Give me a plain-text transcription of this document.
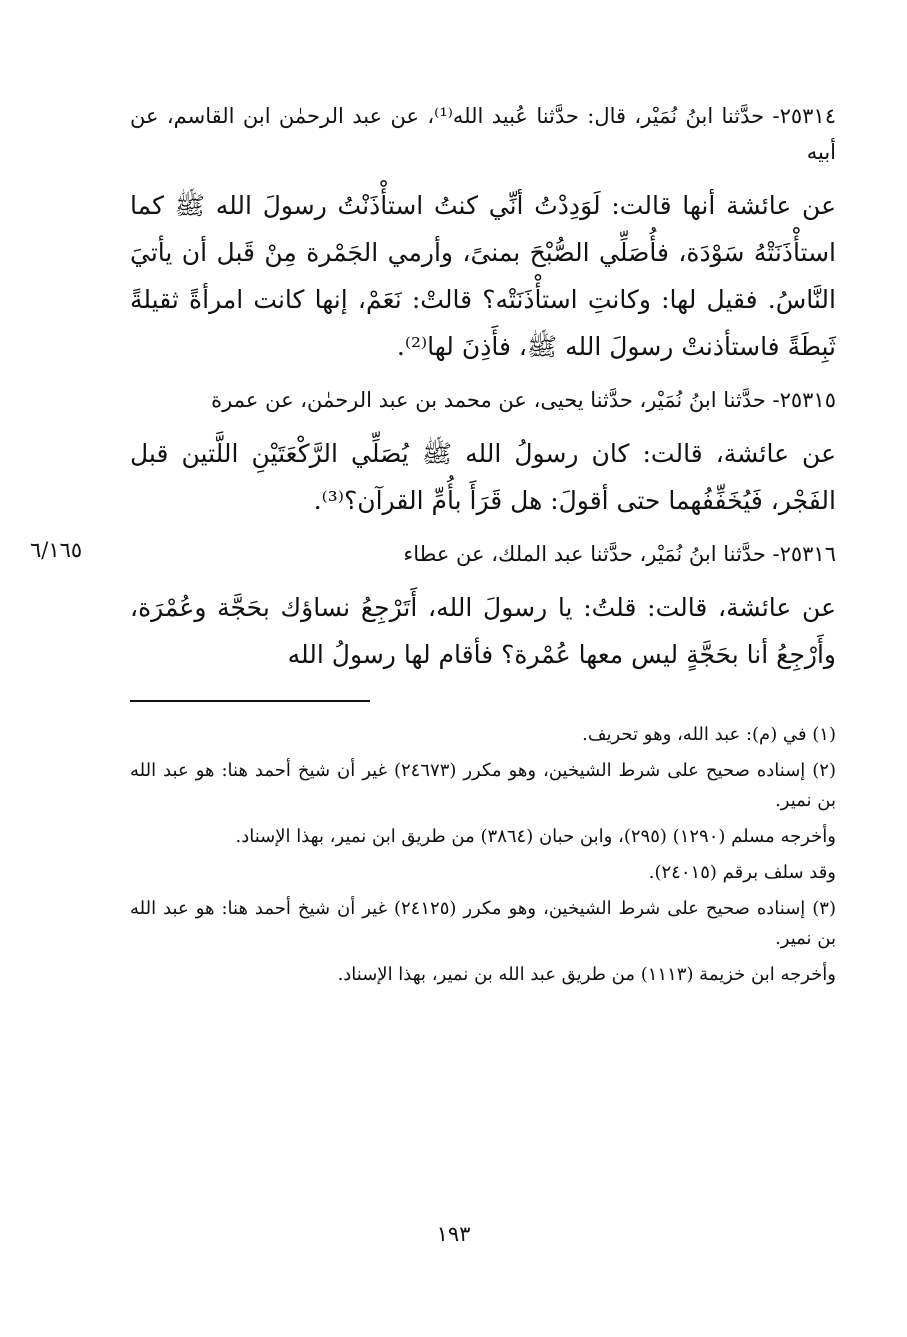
٢٥٣١٤- حدَّثنا ابنُ نُمَيْر، قال: حدَّثنا عُبيد الله⁽¹⁾، عن عبد الرحمٰن ابن القاسم، عن أبيه

عن عائشة أنها قالت: لَوَدِدْتُ أنِّي كنتُ استأْذَنْتُ رسولَ الله ﷺ كما استأْذَنَتْهُ سَوْدَة، فأُصَلِّي الصُّبْحَ بمنىً، وأرمي الجَمْرة مِنْ قَبل أن يأتيَ النَّاسُ. فقيل لها: وكانتِ استأْذَنَتْه؟ قالتْ: نَعَمْ، إنها كانت امرأةً ثقيلةً ثَبِطَةً فاستأذنتْ رسولَ الله ﷺ، فأَذِنَ لها⁽²⁾.

٢٥٣١٥- حدَّثنا ابنُ نُمَيْر، حدَّثنا يحيى، عن محمد بن عبد الرحمٰن، عن عمرة

عن عائشة، قالت: كان رسولُ الله ﷺ يُصَلِّي الرَّكْعَتَيْنِ اللَّتين قبل الفَجْر، فَيُخَفِّفُهما حتى أقولَ: هل قَرَأَ بأُمِّ القرآن؟⁽³⁾.

٢٥٣١٦- حدَّثنا ابنُ نُمَيْر، حدَّثنا عبد الملك، عن عطاء

عن عائشة، قالت: قلتُ: يا رسولَ الله، أَتَرْجِعُ نساؤك بحَجَّة وعُمْرَة، وأَرْجِعُ أنا بحَجَّةٍ ليس معها عُمْرة؟ فأقام لها رسولُ الله

(١) في (م): عبد الله، وهو تحريف.

(٢) إسناده صحيح على شرط الشيخين، وهو مكرر (٢٤٦٧٣) غير أن شيخ أحمد هنا: هو عبد الله بن نمير.

وأخرجه مسلم (١٢٩٠) (٢٩٥)، وابن حبان (٣٨٦٤) من طريق ابن نمير، بهذا الإسناد.

وقد سلف برقم (٢٤٠١٥).

(٣) إسناده صحيح على شرط الشيخين، وهو مكرر (٢٤١٢٥) غير أن شيخ أحمد هنا: هو عبد الله بن نمير.

وأخرجه ابن خزيمة (١١١٣) من طريق عبد الله بن نمير، بهذا الإسناد.

٦/١٦٥
١٩٣
